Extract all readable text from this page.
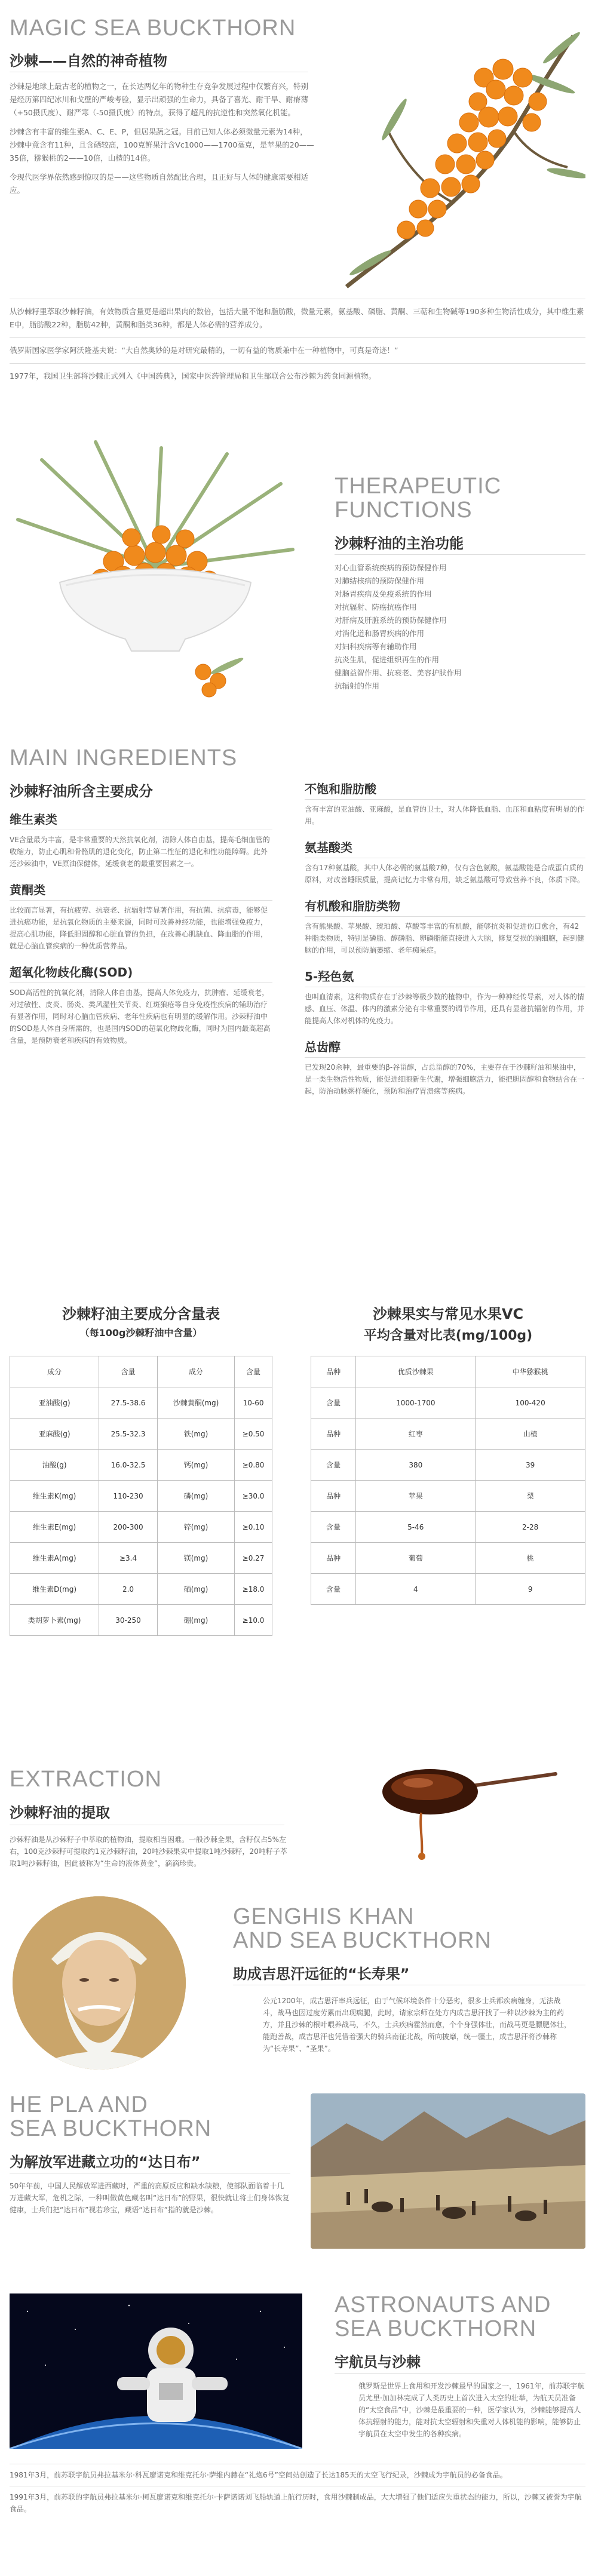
MAGIC SEA BUCKTHORN
沙棘——自然的神奇植物

沙棘是地球上最古老的植物之一，在长达两亿年的物种生存竞争发展过程中仅繁育兴，特别是经历第四纪冰川和戈壁的严峻考验，显示出顽强的生命力，具备了喜光、耐干旱、耐瘠薄（+50摄氏度）、耐严寒（-50摄氏度）的特点，获得了超凡的抗逆性和突然氧化机能。

沙棘含有丰富的维生素A、C、E、P，但居果蔬之冠。目前已知人体必须微量元素为14种，沙棘中竟含有11种，且含硒较高，100克鲜果汁含Vc1000——1700毫克，是苹果的20——35倍，猕猴桃的2——10倍，山楂的14倍。

令现代医学界依然感到惊叹的是——这些物质自然配比合理，且正好与人体的健康需要相适应。

从沙棘籽里萃取沙棘籽油，有效物质含量更是超出果肉的数倍，包括大量不饱和脂肪酸，微量元素，氨基酸、磷脂、黄酮、三萜和生物碱等190多种生物活性成分，其中维生素E中，脂肪酸22种，脂肪42种，黄酮和脂类36种，都是人体必需的营养成分。

俄罗斯国家医学家阿沃隆基夫说：“大自然奥妙的是对研究最精的，一切有益的物质兼中在一种植物中，可真是奇迹！”

1977年，我国卫生部将沙棘正式列入《中国药典》，国家中医药管理局和卫生部联合公布沙棘为药食同源植物。

THERAPEUTIC
FUNCTIONS
沙棘籽油的主治功能
对心血管系统疾病的预防保健作用
对肺结核病的预防保健作用
对肠胃疾病及免疫系统的作用
对抗辐射、防癌抗癌作用
对肝病及肝脏系统的预防保健作用
对消化道和肠胃疾病的作用
对妇科疾病等有辅助作用
抗炎生肌，促进组织再生的作用
健脑益智作用、抗衰老、美容护肤作用
抗辐射的作用
MAIN INGREDIENTS
沙棘籽油所含主要成分
维生素类

VE含量最为丰富，是非常重要的天然抗氧化剂，清除人体自由基，提高毛细血管的收缩力，防止心肌和骨骼肌的退化变化，防止第二性征的退化和性功能障碍。此外还沙棘油中，VE原油保健体，延缓衰老的最重要因素之一。

黄酮类

比较而言显著，有抗疲劳、抗衰老、抗辐射等显著作用，有抗菌、抗病毒，能够促进抗癌功能，是抗氧化物质的主要来源，同时可改善神经功能，也能增强免疫力，提高心肌功能，降低胆固醇和心脏血管的负担，在改善心肌缺血、降血脂的作用，就是心脑血管疾病的一种优质营养品。

超氧化物歧化酶(SOD)

SOD高活性的抗氧化剂，清除人体自由基，提高人体免疫力，抗肿瘤、延缓衰老，对过敏性、皮炎、肠炎、类风湿性关节炎、红斑狼疮等自身免疫性疾病的辅助治疗有显著作用，同时对心脑血管疾病、老年性疾病也有明显的缓解作用。沙棘籽油中的SOD是人体自身所需的，也是国内SOD的超氧化物歧化酶，同时为国内最高超高含量，是预防衰老和疾病的有效物质。

不饱和脂肪酸

含有丰富的亚油酸、亚麻酸，是血管的卫士，对人体降低血脂、血压和血粘度有明显的作用。

氨基酸类

含有17种氨基酸，其中人体必需的氨基酸7种，仅有含色氨酸，氨基酸能是合成蛋白质的原料，对改善睡眠质量，提高记忆力非常有用，缺乏氨基酸可导致营养不良，体质下降。

有机酸和脂肪类物

含有熊果酸、苹果酸、琥珀酸、草酸等丰富的有机酸，能够抗炎和促进伤口愈合，有42种脂类物质，特别是磷脂、醇磷脂、卵磷脂能直接进入大脑，修复受损的脑细胞，起到健脑的作用，可以预防脑萎缩、老年痴呆症。

5-羟色氨

也叫血清素，这种物质存在于沙棘等极少数的植物中，作为一种神经传导素，对人体的情感、血压、体温、体内的激素分泌有非常重要的调节作用，还具有显著抗辐射的作用，并能提高人体对机体的免疫力。

总齿醇

已发现20余种，最重要的β-谷甾醇，占总甾醇的70%，主要存在于沙棘籽油和果油中，是一类生物活性物质，能促进细胞新生代谢，增强细胞活力，能把胆固醇和食物结合在一起，防治动脉粥样硬化，预防和治疗胃溃疡等疾病。

沙棘籽油主要成分含量表
（每100g沙棘籽油中含量）
成分	含量	成分	含量
亚油酸(g)	27.5-38.6	沙棘黄酮(mg)	10-60
亚麻酸(g)	25.5-32.3	铁(mg)	≥0.50
油酸(g)	16.0-32.5	钙(mg)	≥0.80
维生素K(mg)	110-230	磷(mg)	≥30.0
维生素E(mg)	200-300	锌(mg)	≥0.10
维生素A(mg)	≥3.4	镁(mg)	≥0.27
维生素D(mg)	2.0	硒(mg)	≥18.0
类胡萝卜素(mg)	30-250	硼(mg)	≥10.0
沙棘果实与常见水果VC
平均含量对比表(mg/100g)
品种	优质沙棘果	中华猕猴桃
含量	1000-1700	100-420
品种	红枣	山楂
含量	380	39
品种	苹果	梨
含量	5-46	2-28
品种	葡萄	桃
含量	4	9
EXTRACTION
沙棘籽油的提取

沙棘籽油是从沙棘籽子中萃取的植物油，提取相当困难。一般沙棘全果，含籽仅占5%左右，100克沙棘籽可提取约1克沙棘籽油，20吨沙棘果实中提取1吨沙棘籽，20吨籽子萃取1吨沙棘籽油，因此被称为“生命的液体黄金”，滴滴珍贵。

GENGHIS KHAN
AND SEA BUCKTHORN
助成吉思汗远征的“长寿果”

公元1200年，成吉思汗率兵远征，由于气候环境条件十分恶劣，很多士兵都疾病缠身，无法战斗，战马也因过度劳累而出现瘸腿，此时，请家宗师在处方内成吉思汗找了一种以沙棘为主的药方，并且沙棘的根叶喂养战马，不久，士兵疾病霍然而愈，个个身强体壮，而战马更是膘肥体壮，能跑善战，成吉思汗也凭借着强大的骑兵南征北战，所向披靡，统一疆土，成吉思汗将沙棘称为“长寿果”、“圣果”。

HE PLA AND
SEA BUCKTHORN
为解放军进藏立功的“达日布”

50年年前，中国人民解放军进西藏时，严重的高原反应和缺水缺粮，使部队面临着十几万进藏大军，危机之际，一种叫做黄色藏名叫“达日布”的野果，很快就让将士们身体恢复健康，士兵们把“达日布”视若珍宝，藏语“达日布”指的就是沙棘。

ASTRONAUTS AND
SEA BUCKTHORN
宇航员与沙棘

俄罗斯是世界上食用和开发沙棘最早的国家之一，1961年，前苏联宇航员尤里·加加林完成了人类历史上首次进入太空的壮举，为航天员准备的“太空食品”中，沙棘是最重要的一种，医学家认为，沙棘能够提高人体抗辐射的能力，能对抗太空辐射和失重对人体机能的影响，能够防止宇航员在太空中发生的各种疾病。

1981年3月，前苏联宇航员弗拉基米尔·科瓦廖诺克和维克托尔·萨维内赫在“礼炮6号”空间站创造了长达185天的太空飞行纪录，沙棘成为宇航员的必备食品。

1991年3月，前苏联的宇航员弗拉基米尔·柯瓦廖诺克和维克托尔·卡萨诺诺刘飞船轨道上航行历时，食用沙棘制成品，大大增强了他们适应失重状态的能力，所以，沙棘又被誉为宇航食品。
